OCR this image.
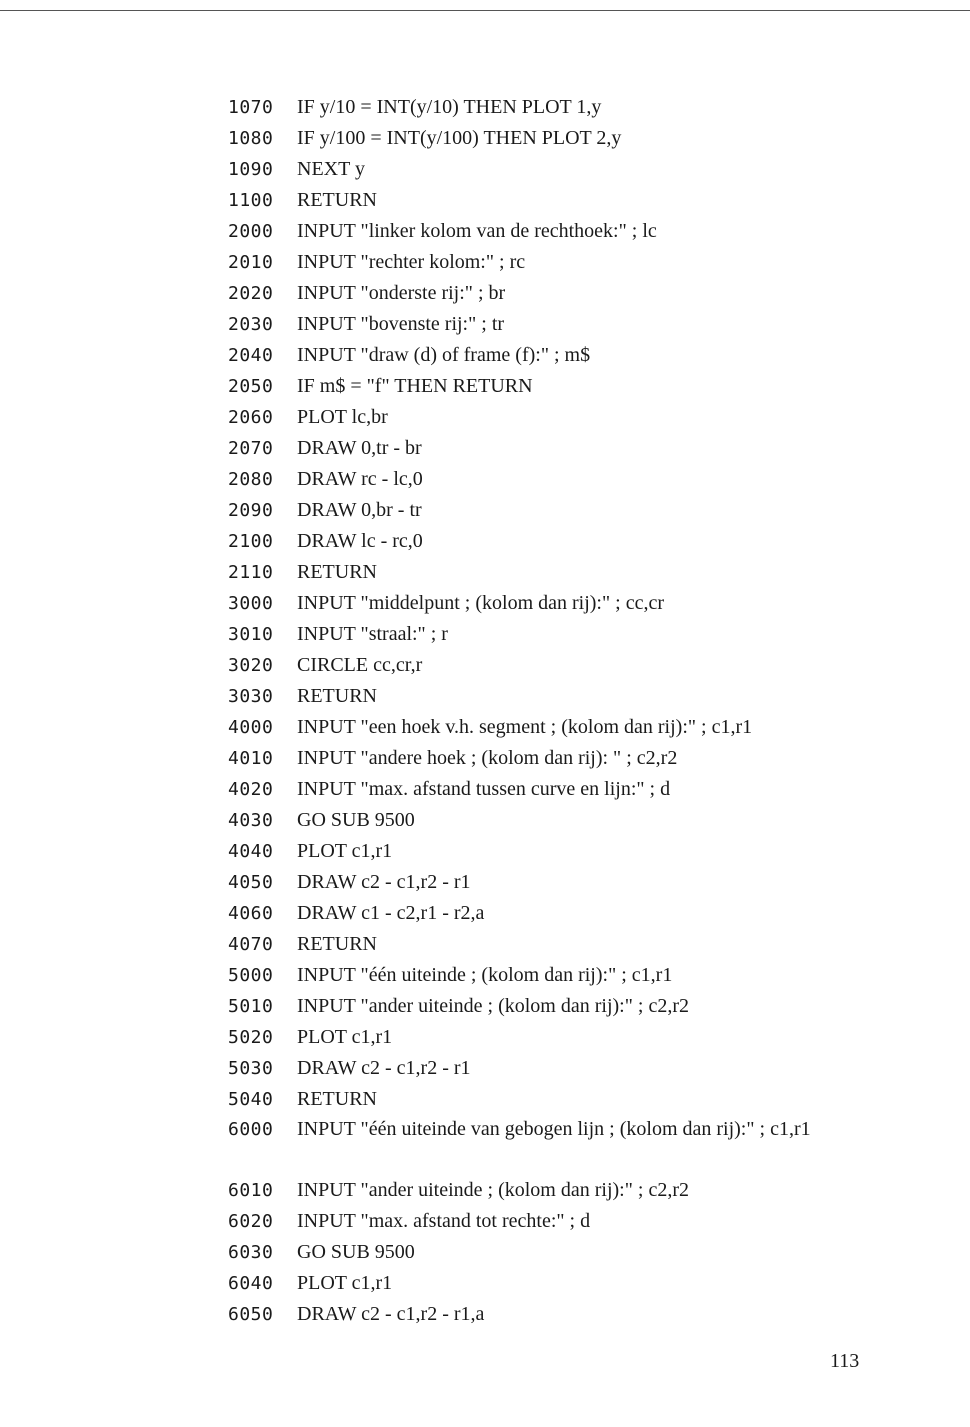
1070	IF y/10 = INT(y/10) THEN PLOT 1,y
1080	IF y/100 = INT(y/100) THEN PLOT 2,y
1090	NEXT y
1100	RETURN
2000	INPUT "linker kolom van de rechthoek:" ; lc
2010	INPUT "rechter kolom:" ; rc
2020	INPUT "onderste rij:" ; br
2030	INPUT "bovenste rij:" ; tr
2040	INPUT "draw (d) of frame (f):" ; m$
2050	IF m$ = "f" THEN RETURN
2060	PLOT lc,br
2070	DRAW 0,tr - br
2080	DRAW rc - lc,0
2090	DRAW 0,br - tr
2100	DRAW lc - rc,0
2110	RETURN
3000	INPUT "middelpunt ; (kolom dan rij):" ; cc,cr
3010	INPUT "straal:" ; r
3020	CIRCLE cc,cr,r
3030	RETURN
4000	INPUT "een hoek v.h. segment ; (kolom dan rij):" ; c1,r1
4010	INPUT "andere hoek ; (kolom dan rij): " ; c2,r2
4020	INPUT "max. afstand tussen curve en lijn:" ; d
4030	GO SUB 9500
4040	PLOT c1,r1
4050	DRAW c2 - c1,r2 - r1
4060	DRAW c1 - c2,r1 - r2,a
4070	RETURN
5000	INPUT "één uiteinde ; (kolom dan rij):" ; c1,r1
5010	INPUT "ander uiteinde ; (kolom dan rij):" ; c2,r2
5020	PLOT c1,r1
5030	DRAW c2 - c1,r2 - r1
5040	RETURN
6000	INPUT "één uiteinde van gebogen lijn ; (kolom dan rij):" ; c1,r1
6010	INPUT "ander uiteinde ; (kolom dan rij):" ; c2,r2
6020	INPUT "max. afstand tot rechte:" ; d
6030	GO SUB 9500
6040	PLOT c1,r1
6050	DRAW c2 - c1,r2 - r1,a
113
